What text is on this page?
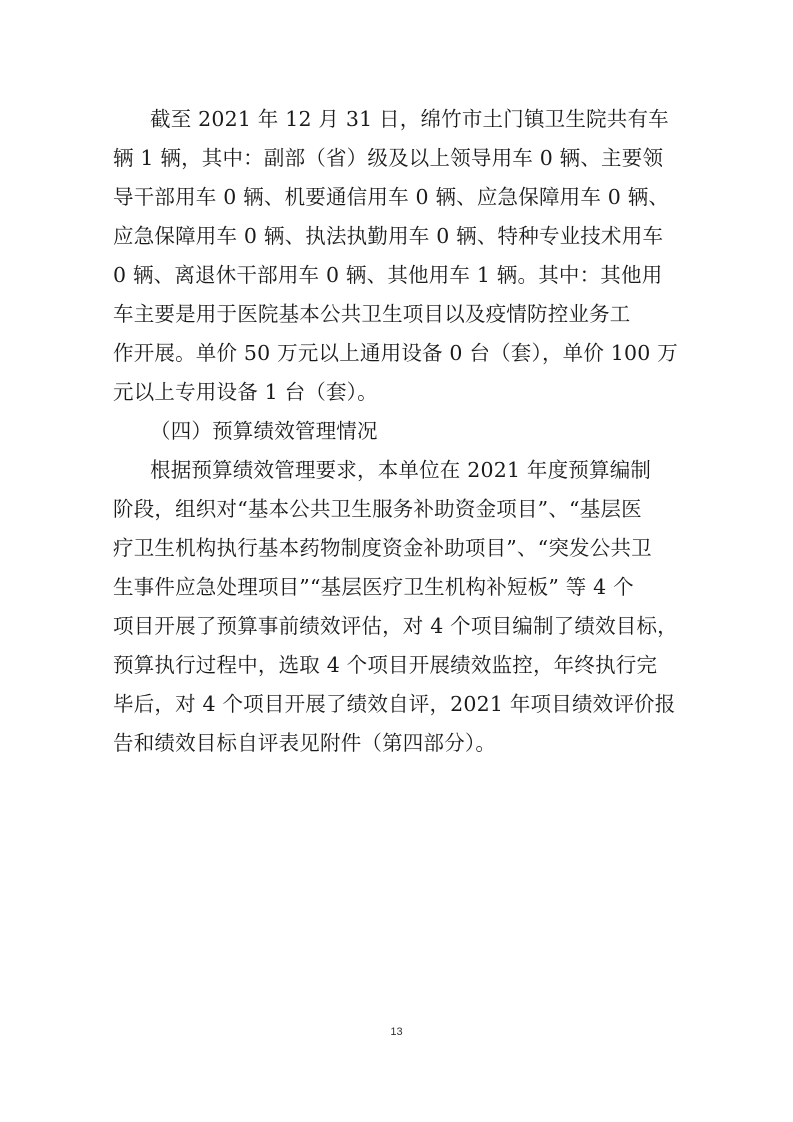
截至 2021 年 12 月 31 日，绵竹市土门镇卫生院共有车
辆 1 辆，其中：副部（省）级及以上领导用车 0 辆、主要领
导干部用车 0 辆、机要通信用车 0 辆、应急保障用车 0 辆、
应急保障用车 0 辆、执法执勤用车 0 辆、特种专业技术用车
0 辆、离退休干部用车 0 辆、其他用车 1 辆。其中：其他用
车主要是用于医院基本公共卫生项目以及疫情防控业务工
作开展。单价 50 万元以上通用设备 0 台（套），单价 100 万
元以上专用设备 1 台（套）。
（四）预算绩效管理情况
根据预算绩效管理要求，本单位在 2021 年度预算编制
阶段，组织对“基本公共卫生服务补助资金项目”、“基层医
疗卫生机构执行基本药物制度资金补助项目”、“突发公共卫
生事件应急处理项目”“基层医疗卫生机构补短板” 等 4 个
项目开展了预算事前绩效评估，对 4 个项目编制了绩效目标，
预算执行过程中，选取 4 个项目开展绩效监控，年终执行完
毕后，对 4 个项目开展了绩效自评，2021 年项目绩效评价报
告和绩效目标自评表见附件（第四部分）。
13
